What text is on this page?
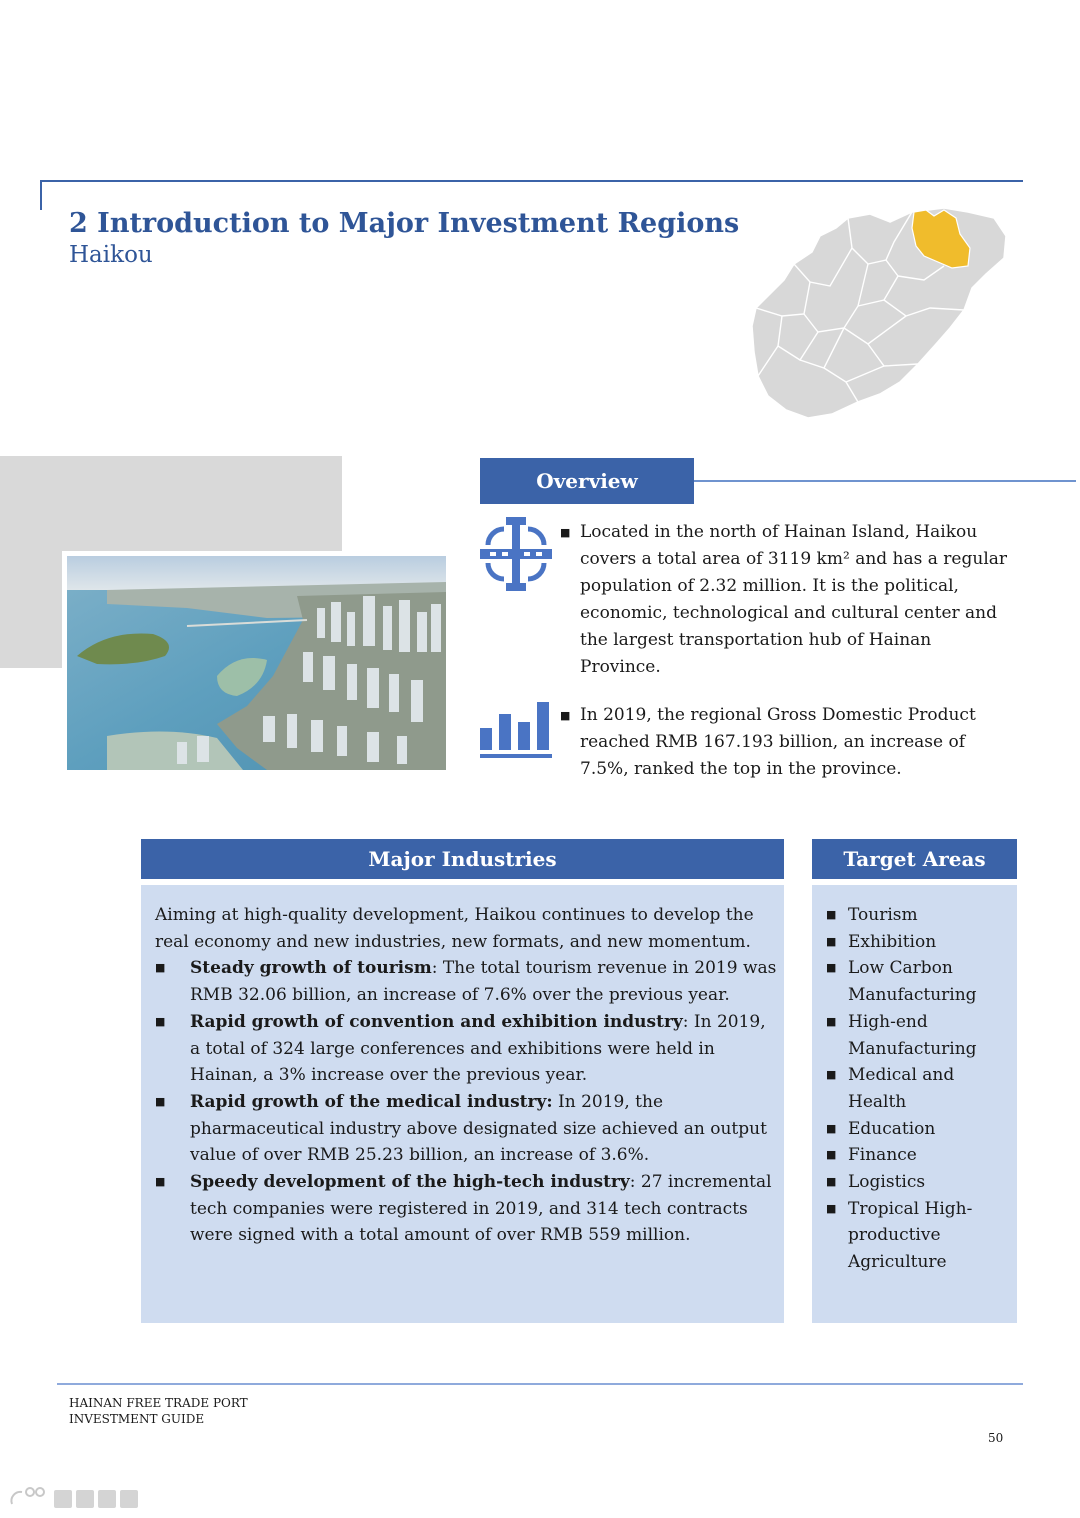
2 Introduction to Major Investment Regions
Haikou
Overview
■ Located in the north of Hainan Island, Haikou covers a total area of 3119 km² and has a regular population of 2.32 million. It is the political, economic, technological and cultural center and the largest transportation hub of Hainan Province.
■ In 2019, the regional Gross Domestic Product reached RMB 167.193 billion, an increase of 7.5%, ranked the top in the province.
Major Industries
Aiming at high-quality development, Haikou continues to develop the real economy and new industries, new formats, and new momentum.
■	Steady growth of tourism: The total tourism revenue in 2019 was RMB 32.06 billion, an increase of 7.6% over the previous year.
■	Rapid growth of convention and exhibition industry: In 2019, a total of 324 large conferences and exhibitions were held in Hainan, a 3% increase over the previous year.
■	Rapid growth of the medical industry: In 2019, the pharmaceutical industry above designated size achieved an output value of over RMB 25.23 billion, an increase of 3.6%.
■	Speedy development of the high-tech industry: 27 incremental tech companies were registered in 2019, and 314 tech contracts were signed with a total amount of over RMB 559 million.
Target Areas
■ Tourism
■ Exhibition
■ Low Carbon Manufacturing
■ High-end Manufacturing
■ Medical and Health
■ Education
■ Finance
■ Logistics
■ Tropical High-productive Agriculture
HAINAN FREE TRADE PORT
INVESTMENT GUIDE
50
